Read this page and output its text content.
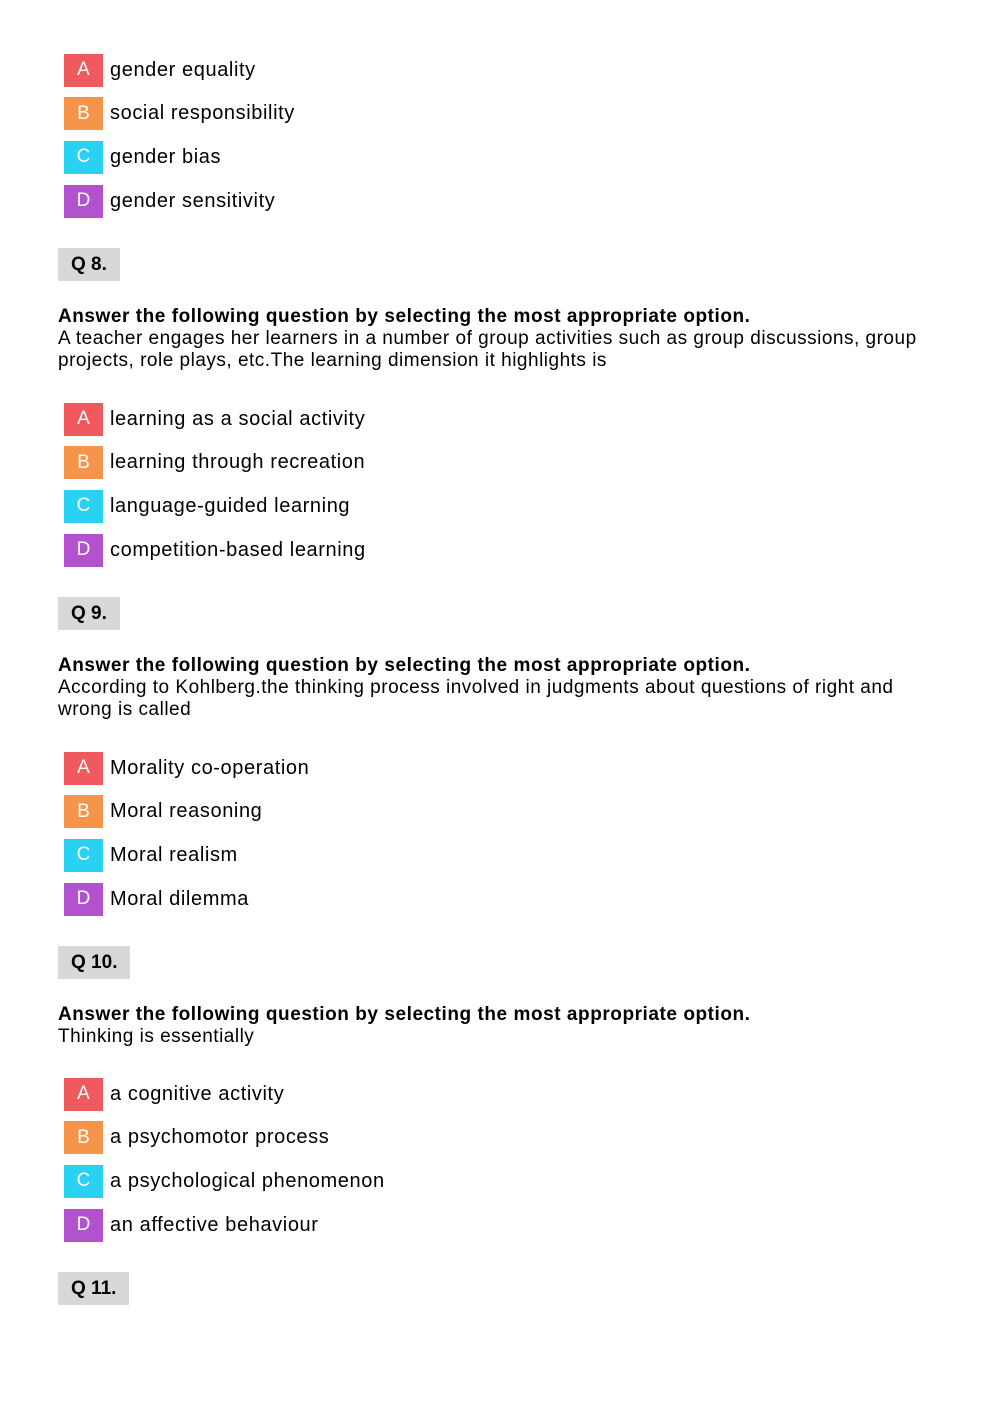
A	gender equality
B	social responsibility
C gender bias
D gender sensitivity
Q 8.
Answer the following question by selecting the most appropriate option.

A teacher engages her learners in a number of group activities such as group discussions, group projects, role plays, etc.The learning dimension it highlights is

A	learning as a social activity
B	learning through recreation
C language-guided learning
D competition-based learning
Q 9.
Answer the following question by selecting the most appropriate option.

According to Kohlberg.the thinking process involved in judgments about questions of right and wrong is called

A	Morality co-operation
B	Moral reasoning
C Moral realism
D Moral dilemma
Q 10.
Answer the following question by selecting the most appropriate option.

Thinking is essentially

A	a cognitive activity
B	a psychomotor process
C a psychological phenomenon
D an affective behaviour
Q 11.
